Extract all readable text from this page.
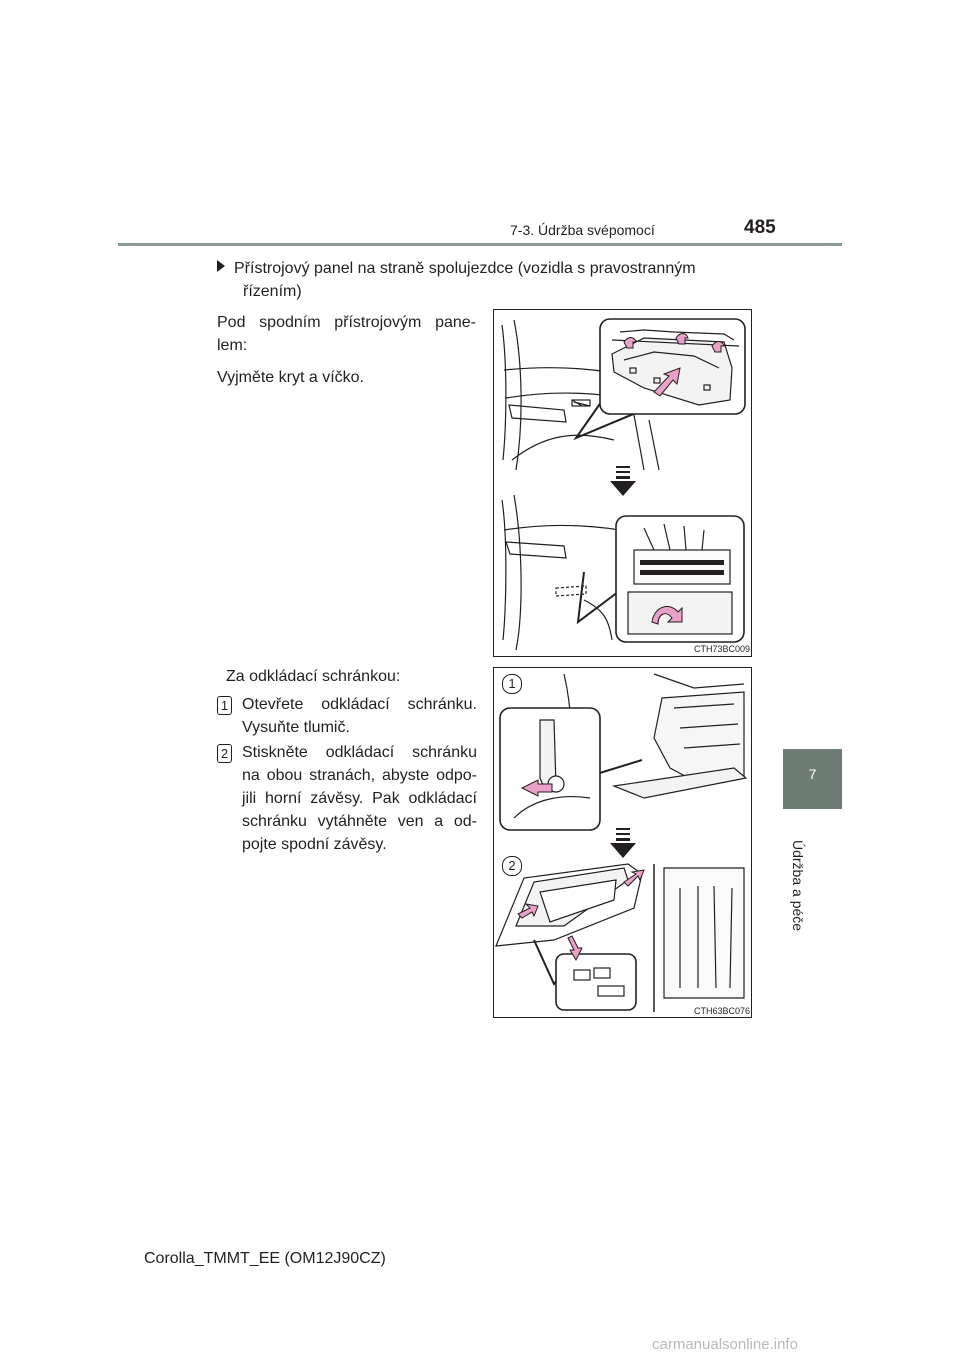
7-3. Údržba svépomocí	485
7
Údržba a péče
Přístrojový panel na straně spolujezdce (vozidla s pravostranným
řízením)
Pod spodním přístrojovým pane-
lem:
Vyjměte kryt a víčko.
CTH73BC009
Za odkládací schránkou:
1 Otevřete odkládací schránku.
Vysuňte tlumič.
2 Stiskněte odkládací schránku
na obou stranách, abyste odpo-
jili horní závěsy. Pak odkládací
schránku vytáhněte ven a od-
pojte spodní závěsy.
1
2
CTH63BC076
Corolla_TMMT_EE (OM12J90CZ)
carmanualsonline.info
